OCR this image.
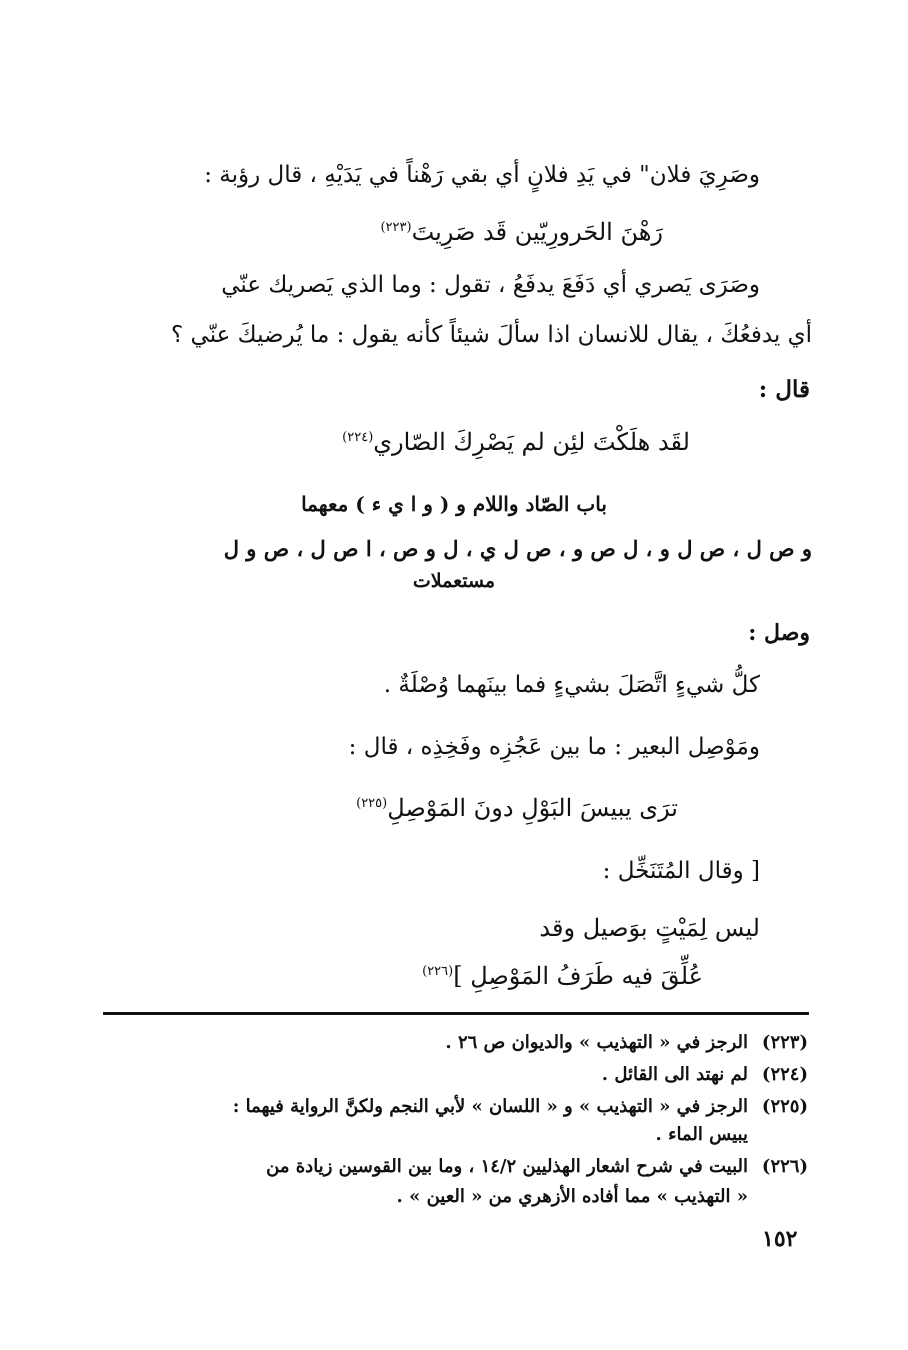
وصَرِيَ فلان" في يَدِ فلانٍ أي بقي رَهْناً في يَدَيْهِ ، قال رؤبة :
رَهْنَ الحَرورِيّين قَد صَرِيتَ$^{(٢٢٣)}$
وصَرَى يَصري أي دَفَعَ يدفَعُ ، تقول : وما الذي يَصريك عنّي
أي يدفعُكَ ، يقال للانسان اذا سألَ شيئاً كأنه يقول : ما يُرضيكَ عنّي ؟
قال :
لقَد هلَكْتَ لئِن لم يَصْرِكَ الصّاري$^{(٢٢٤)}$
باب الصّاد واللام و ( و ا ي ء ) معهما
و ص ل ، ص ل و ، ل ص و ، ص ل ي ، ل و ص ، ا ص ل ، ص و ل
مستعملات
وصل :
كلُّ شيءٍ اتَّصَلَ بشيءٍ فما بينَهما وُصْلَةٌ .
ومَوْصِل البعير : ما بين عَجُزِه وفَخِذِه ، قال :
ترَى يبيسَ البَوْلِ دونَ المَوْصِلِ$^{(٢٢٥)}$
[ وقال المُتَنَخِّل :
ليس لِمَيْتٍ بوَصيل وقد
عُلِّقَ فيه طَرَفُ المَوْصِلِ ]$^{(٢٢٦)}$
(٢٢٣)الرجز في « التهذيب » والديوان ص ٢٦ .
(٢٢٤)لم نهتد الى القائل .
(٢٢٥)الرجز في « التهذيب » و « اللسان » لأبي النجم ولكنَّ الرواية فيهما :
يبيس الماء .
(٢٢٦)البيت في شرح اشعار الهذليين ١٤/٢ ، وما بين القوسين زيادة من
« التهذيب » مما أفاده الأزهري من « العين » .
١٥٢
